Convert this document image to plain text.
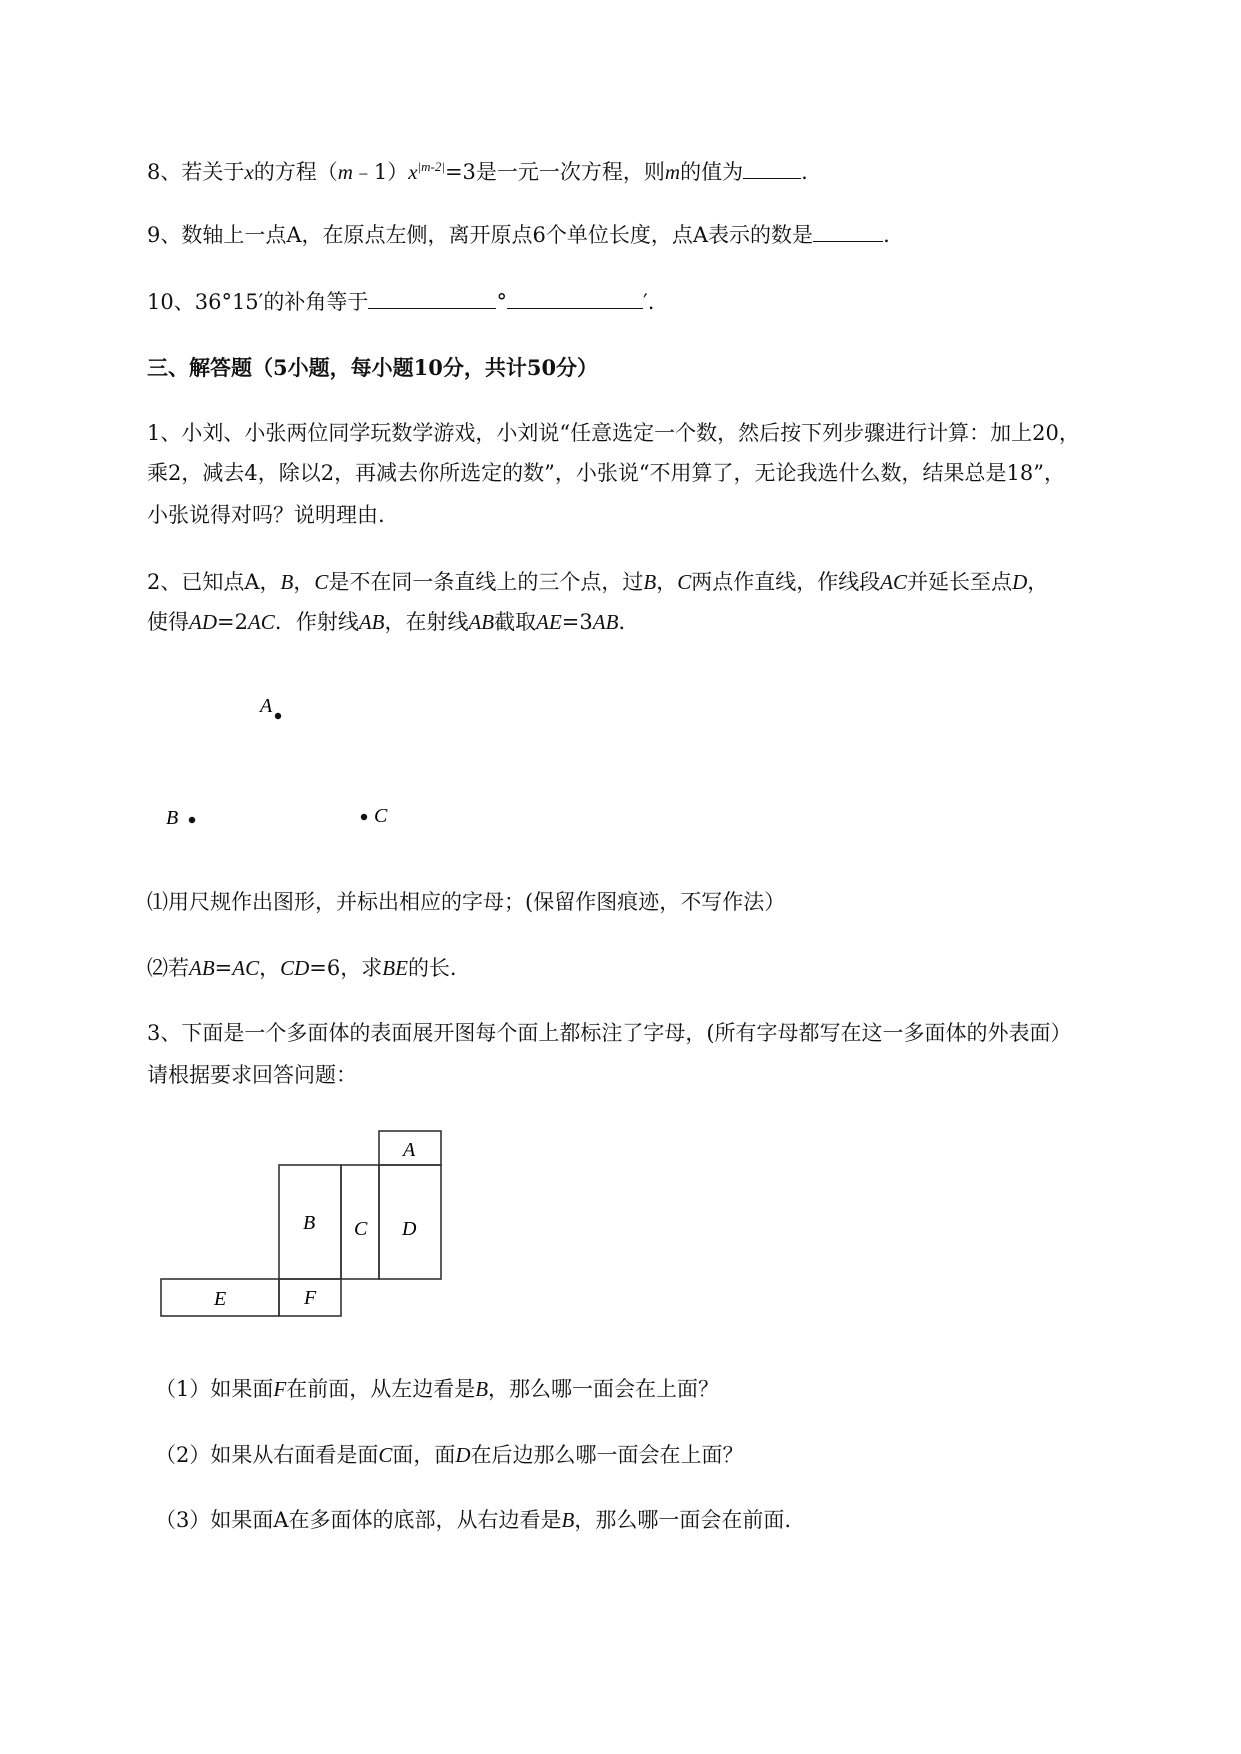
8、若关于x的方程$(m﹣1)x^{|m-2|}=3$是一元一次方程，则m的值为	.
9、数轴上一点A，在原点左侧，离开原点6个单位长度，点A表示的数是	.
10、36°15′的补角等于	°	′.
三、解答题（5小题，每小题10分，共计50分）
1、小刘、小张两位同学玩数学游戏，小刘说“任意选定一个数，然后按下列步骤进行计算：加上20，
乘2，减去4，除以2，再减去你所选定的数”，小张说“不用算了，无论我选什么数，结果总是18”，
小张说得对吗？说明理由.
2、已知点A，B，C是不在同一条直线上的三个点，过B，C两点作直线，作线段AC并延长至点D，
使得AD=2AC．作射线AB，在射线AB截取AE=3AB．
A
B	C
⑴用尺规作出图形，并标出相应的字母；(保留作图痕迹，不写作法）
⑵若AB=AC，CD=6，求BE的长.
3、下面是一个多面体的表面展开图每个面上都标注了字母，(所有字母都写在这一多面体的外表面）
请根据要求回答问题：
A
B C D
E	F
（1）如果面F在前面，从左边看是B，那么哪一面会在上面？
（2）如果从右面看是面C面，面D在后边那么哪一面会在上面？
（3）如果面A在多面体的底部，从右边看是B，那么哪一面会在前面.
